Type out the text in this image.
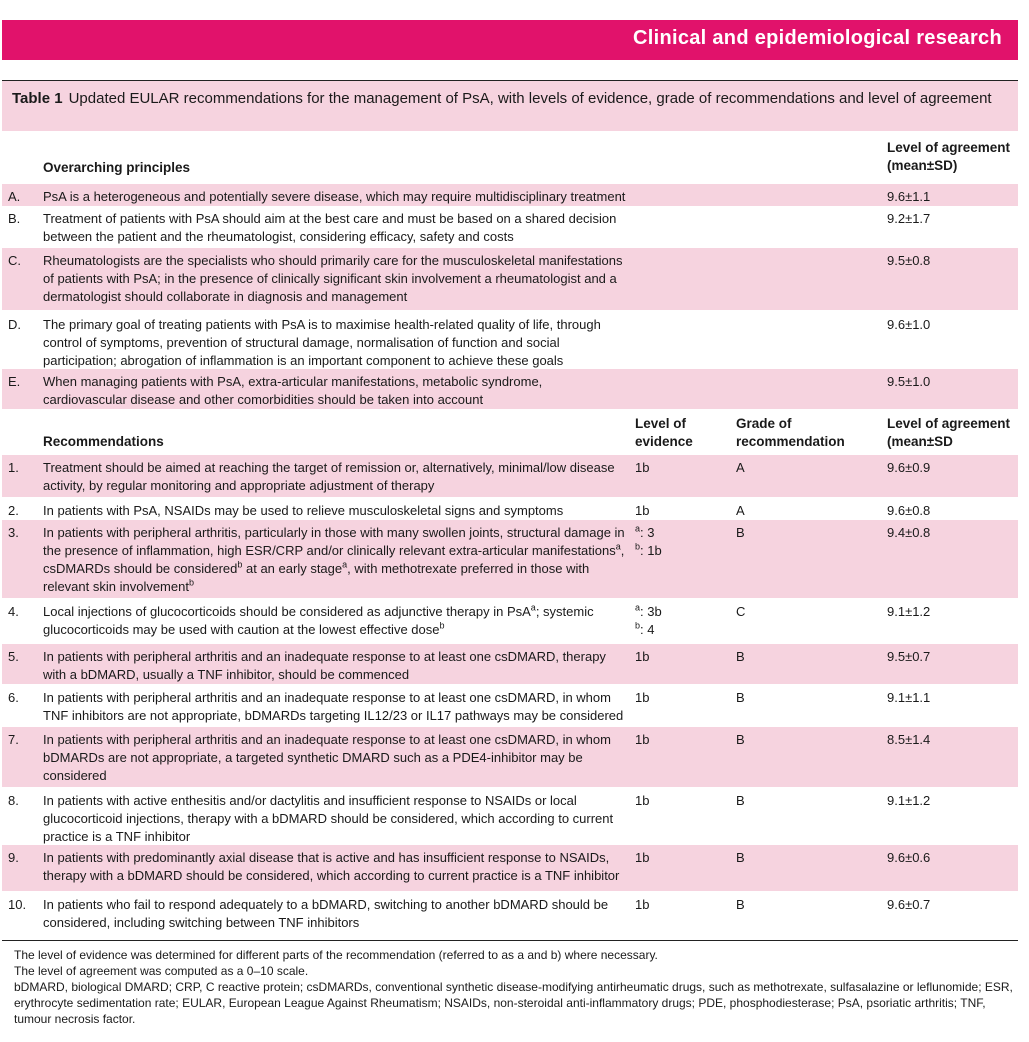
Clinical and epidemiological research

Table 1 Updated EULAR recommendations for the management of PsA, with levels of evidence, grade of recommendations and level of agreement

Overarching principles
Level of agreement (mean±SD)
A. PsA is a heterogeneous and potentially severe disease, which may require multidisciplinary treatment	9.6±1.1
B. Treatment of patients with PsA should aim at the best care and must be based on a shared decision between the patient and the rheumatologist, considering efficacy, safety and costs
9.2±1.7
C. Rheumatologists are the specialists who should primarily care for the musculoskeletal manifestations of patients with PsA; in the presence of clinically significant skin involvement a rheumatologist and a dermatologist should collaborate in diagnosis and management
9.5±0.8
D. The primary goal of treating patients with PsA is to maximise health-related quality of life, through control of symptoms, prevention of structural damage, normalisation of function and social participation; abrogation of inflammation is an important component to achieve these goals
9.6±1.0
E. When managing patients with PsA, extra-articular manifestations, metabolic syndrome, cardiovascular disease and other comorbidities should be taken into account
9.5±1.0
Recommendations
Level of evidence
Grade of recommendation
Level of agreement (mean±SD
1. Treatment should be aimed at reaching the target of remission or, alternatively, minimal/low disease activity, by regular monitoring and appropriate adjustment of therapy
1b	A	9.6±0.9
2. In patients with PsA, NSAIDs may be used to relieve musculoskeletal signs and symptoms	1b	A	9.6±0.8
3. In patients with peripheral arthritis, particularly in those with many swollen joints, structural damage in the presence of inflammation, high ESR/CRP and/or clinically relevant extra-articular manifestations$^a$, csDMARDs should be considered$^b$ at an early stage$^a$, with methotrexate preferred in those with relevant skin involvement$^b$
$^a$: 3
$^b$: 1b
B	9.4±0.8
4. Local injections of glucocorticoids should be considered as adjunctive therapy in PsA$^a$; systemic glucocorticoids may be used with caution at the lowest effective dose$^b$
$^a$: 3b
$^b$: 4
C	9.1±1.2
5. In patients with peripheral arthritis and an inadequate response to at least one csDMARD, therapy with a bDMARD, usually a TNF inhibitor, should be commenced
1b	B	9.5±0.7
6. In patients with peripheral arthritis and an inadequate response to at least one csDMARD, in whom TNF inhibitors are not appropriate, bDMARDs targeting IL12/23 or IL17 pathways may be considered
1b	B	9.1±1.1
7. In patients with peripheral arthritis and an inadequate response to at least one csDMARD, in whom bDMARDs are not appropriate, a targeted synthetic DMARD such as a PDE4-inhibitor may be considered
1b	B	8.5±1.4
8. In patients with active enthesitis and/or dactylitis and insufficient response to NSAIDs or local glucocorticoid injections, therapy with a bDMARD should be considered, which according to current practice is a TNF inhibitor
1b	B	9.1±1.2
9. In patients with predominantly axial disease that is active and has insufficient response to NSAIDs, therapy with a bDMARD should be considered, which according to current practice is a TNF inhibitor
1b	B	9.6±0.6
10. In patients who fail to respond adequately to a bDMARD, switching to another bDMARD should be considered, including switching between TNF inhibitors
1b	B	9.6±0.7
The level of evidence was determined for different parts of the recommendation (referred to as a and b) where necessary.
The level of agreement was computed as a 0–10 scale.
bDMARD, biological DMARD; CRP, C reactive protein; csDMARDs, conventional synthetic disease-modifying antirheumatic drugs, such as methotrexate, sulfasalazine or leflunomide; ESR, erythrocyte sedimentation rate; EULAR, European League Against Rheumatism; NSAIDs, non-steroidal anti-inflammatory drugs; PDE, phosphodiesterase; PsA, psoriatic arthritis; TNF, tumour necrosis factor.
